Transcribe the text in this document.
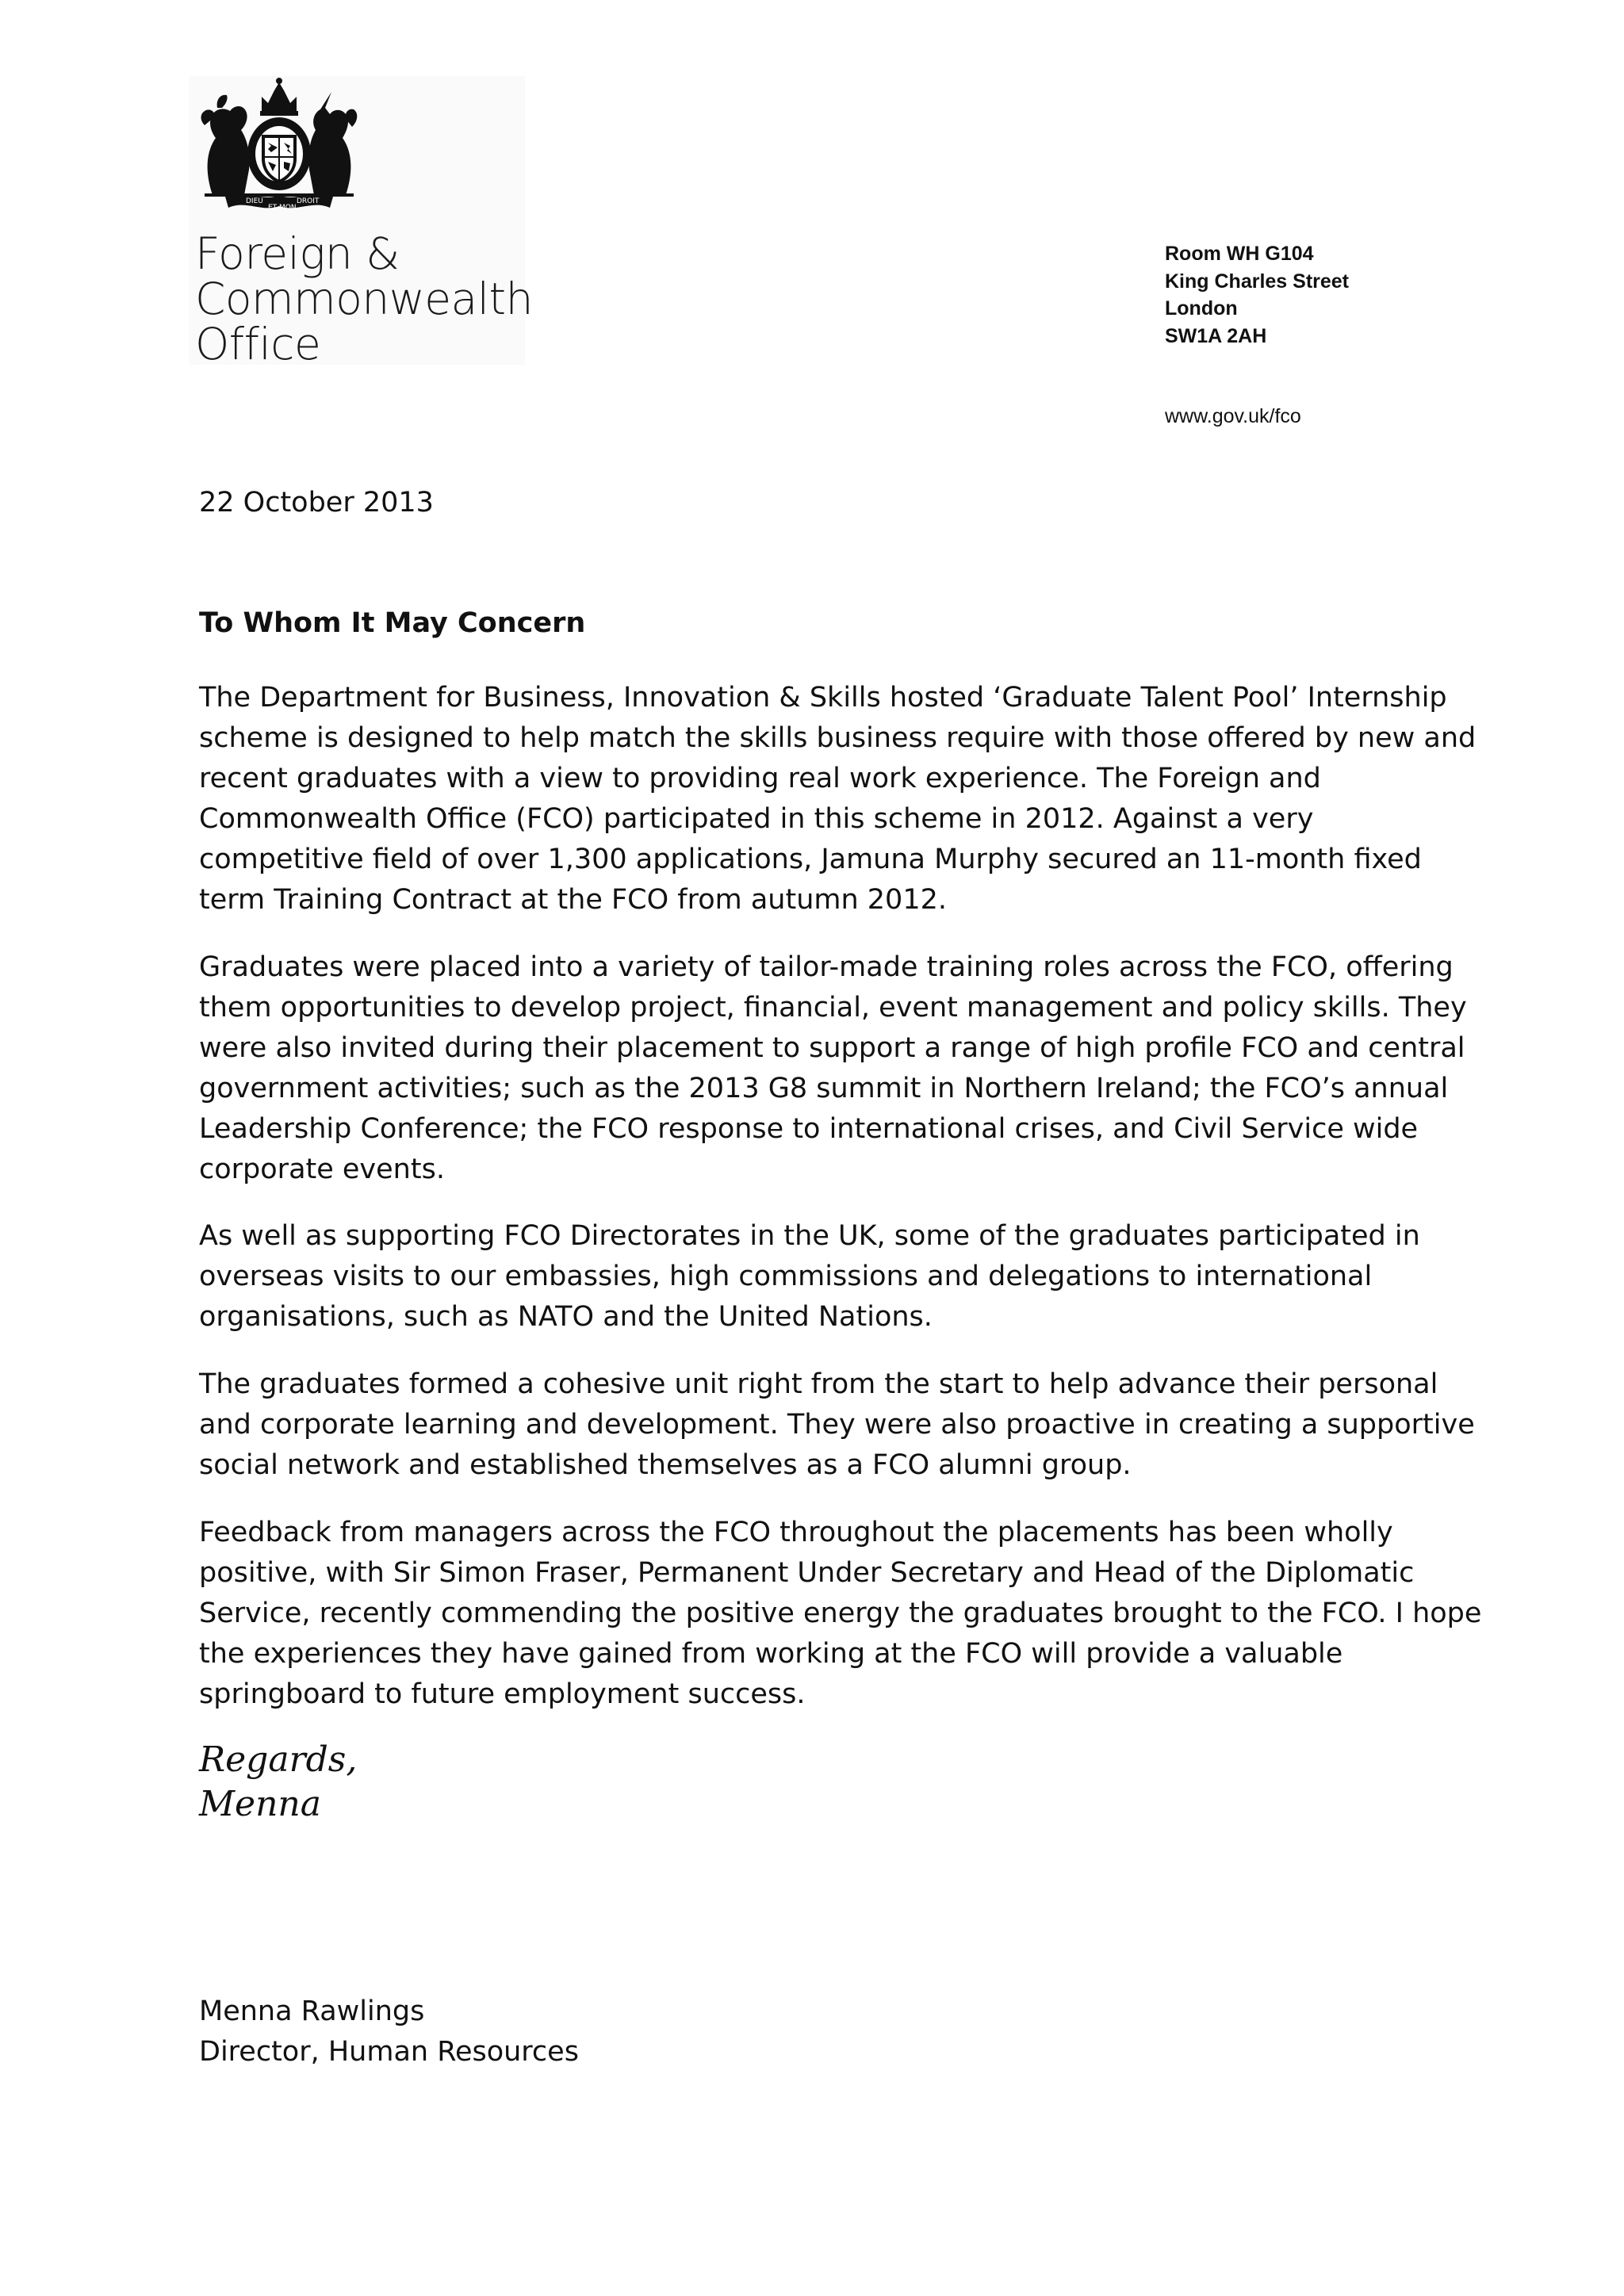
DIEU
ET MON
DROIT
Foreign &
Commonwealth
Office
Room WH G104
King Charles Street
London
SW1A 2AH
www.gov.uk/fco

22 October 2013

To Whom It May Concern

The Department for Business, Innovation & Skills hosted ‘Graduate Talent Pool’ Internship
scheme is designed to help match the skills business require with those offered by new and
recent graduates with a view to providing real work experience. The Foreign and
Commonwealth Office (FCO) participated in this scheme in 2012. Against a very
competitive field of over 1,300 applications, Jamuna Murphy secured an 11-month fixed
term Training Contract at the FCO from autumn 2012.

Graduates were placed into a variety of tailor-made training roles across the FCO, offering
them opportunities to develop project, financial, event management and policy skills. They
were also invited during their placement to support a range of high profile FCO and central
government activities; such as the 2013 G8 summit in Northern Ireland; the FCO’s annual
Leadership Conference; the FCO response to international crises, and Civil Service wide
corporate events.

As well as supporting FCO Directorates in the UK, some of the graduates participated in
overseas visits to our embassies, high commissions and delegations to international
organisations, such as NATO and the United Nations.

The graduates formed a cohesive unit right from the start to help advance their personal
and corporate learning and development. They were also proactive in creating a supportive
social network and established themselves as a FCO alumni group.

Feedback from managers across the FCO throughout the placements has been wholly
positive, with Sir Simon Fraser, Permanent Under Secretary and Head of the Diplomatic
Service, recently commending the positive energy the graduates brought to the FCO. I hope
the experiences they have gained from working at the FCO will provide a valuable
springboard to future employment success.

Regards,
Menna
Menna Rawlings
Director, Human Resources
